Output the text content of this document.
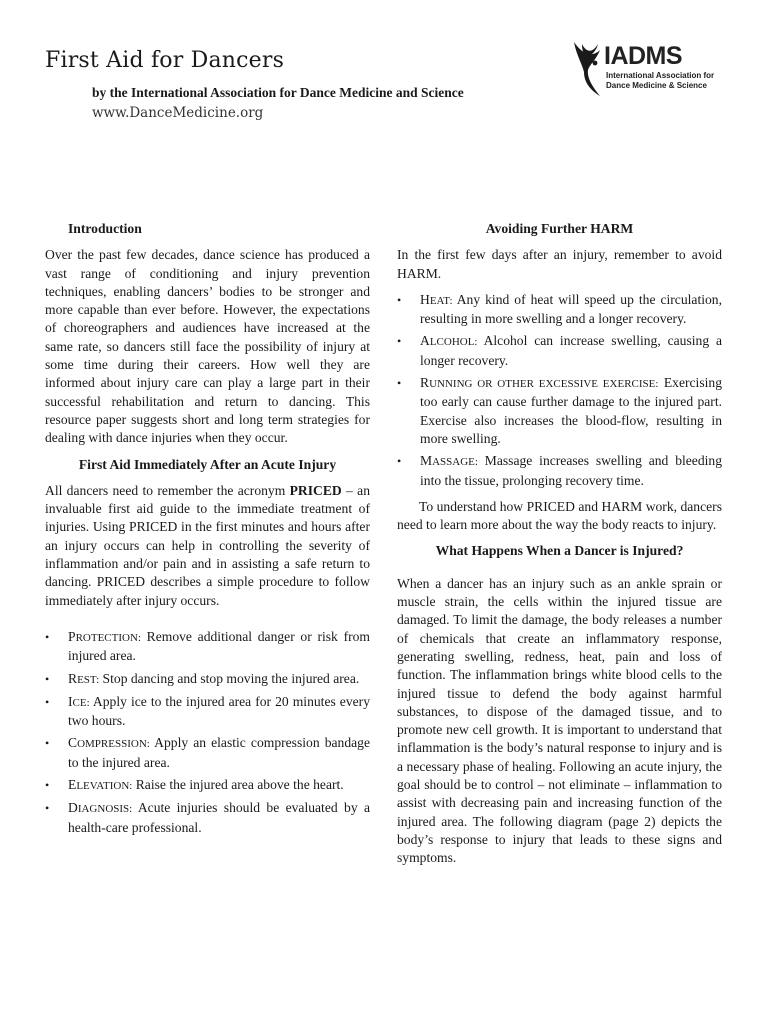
First Aid for Dancers
by the International Association for Dance Medicine and Science
www.DanceMedicine.org
IADMS
International Association for
Dance Medicine & Science
Introduction

Over the past few decades, dance science has produced a vast range of conditioning and injury prevention techniques, enabling dancers’ bodies to be stronger and more capable than ever before. However, the expectations of choreographers and audiences have increased at the same rate, so dancers still face the possibility of injury at some time during their careers. How well they are informed about injury care can play a large part in their successful rehabilitation and return to dancing. This resource paper suggests short and long term strategies for dealing with dance injuries when they occur.

First Aid Immediately After an Acute Injury

All dancers need to remember the acronym PRICED – an invaluable first aid guide to the immediate treatment of injuries. Using PRICED in the first minutes and hours after an injury occurs can help in controlling the severity of inflammation and/or pain and in assisting a safe return to dancing. PRICED describes a simple procedure to follow immediately after injury occurs.

• PROTECTION: Remove additional danger or risk from injured area.
• REST: Stop dancing and stop moving the injured area.
• ICE: Apply ice to the injured area for 20 minutes every two hours.
• COMPRESSION: Apply an elastic compression bandage to the injured area.
• ELEVATION: Raise the injured area above the heart.
• DIAGNOSIS: Acute injuries should be evaluated by a health-care professional.
Avoiding Further HARM

In the first few days after an injury, remember to avoid HARM.

• HEAT: Any kind of heat will speed up the circulation, resulting in more swelling and a longer recovery.
• ALCOHOL: Alcohol can increase swelling, causing a longer recovery.
• RUNNING OR OTHER EXCESSIVE EXERCISE: Exercising too early can cause further damage to the injured part. Exercise also increases the blood-flow, resulting in more swelling.
• MASSAGE: Massage increases swelling and bleeding into the tissue, prolonging recovery time.

To understand how PRICED and HARM work, dancers need to learn more about the way the body reacts to injury.

What Happens When a Dancer is Injured?

When a dancer has an injury such as an ankle sprain or muscle strain, the cells within the injured tissue are damaged. To limit the damage, the body releases a number of chemicals that create an inflammatory response, generating swelling, redness, heat, pain and loss of function. The inflammation brings white blood cells to the injured tissue to defend the body against harmful substances, to dispose of the damaged tissue, and to promote new cell growth. It is important to understand that inflammation is the body’s natural response to injury and is a necessary phase of healing. Following an acute injury, the goal should be to control – not eliminate – inflammation to assist with decreasing pain and increasing function of the injured area. The following diagram (page 2) depicts the body’s response to injury that leads to these signs and symptoms.
